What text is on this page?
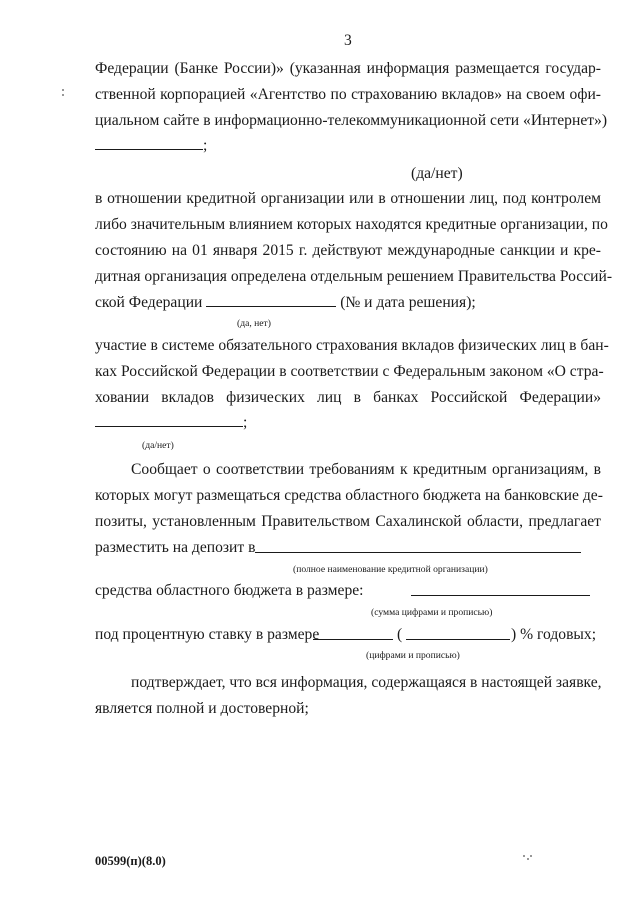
3
Федерации (Банке России)» (указанная информация размещается государ-
ственной корпорацией «Агентство по страхованию вкладов» на своем офи-
циальном сайте в информационно-телекоммуникационной сети «Интернет»)
;
(да/нет)
в отношении кредитной организации или в отношении лиц, под контролем
либо значительным влиянием которых находятся кредитные организации, по
состоянию на 01 января 2015 г. действуют международные санкции и кре-
дитная организация определена отдельным решением Правительства Россий-
ской Федерации	(№ и дата решения);
(да, нет)
участие в системе обязательного страхования вкладов физических лиц в бан-
ках Российской Федерации в соответствии с Федеральным законом «О стра-
ховании вкладов физических лиц в банках Российской Федерации»
;
(да/нет)
Сообщает о соответствии требованиям к кредитным организациям, в
которых могут размещаться средства областного бюджета на банковские де-
позиты, установленным Правительством Сахалинской области, предлагает
разместить на депозит в
(полное наименование кредитной организации)
средства областного бюджета в размере:
(сумма цифрами и прописью)
под процентную ставку в размере	(	) % годовых;
(цифрами и прописью)
подтверждает, что вся информация, содержащаяся в настоящей заявке,
является полной и достоверной;
00599(п)(8.0)
